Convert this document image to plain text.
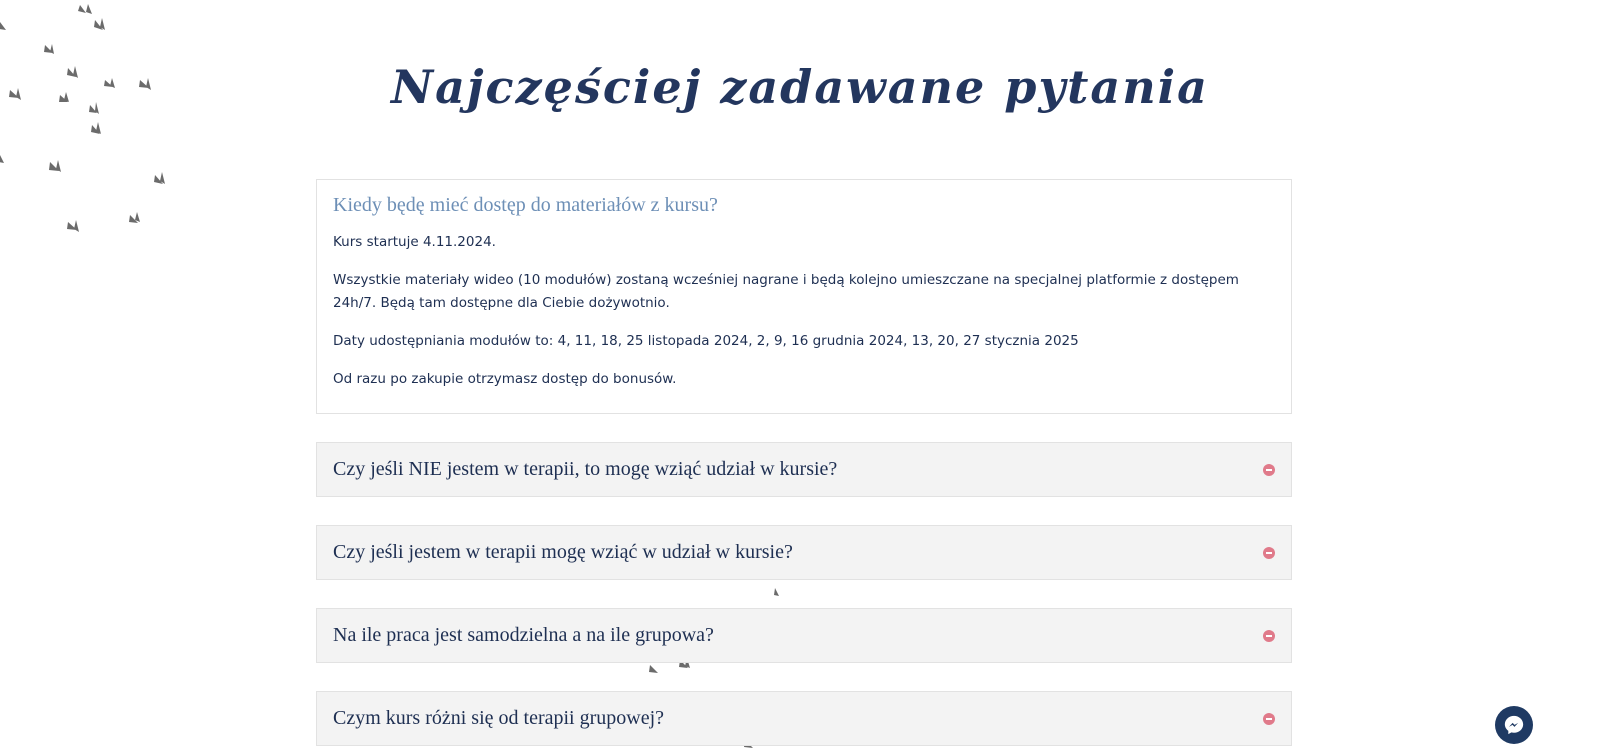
Najczęściej zadawane pytania
Kiedy będę mieć dostęp do materiałów z kursu?

Kurs startuje 4.11.2024.

Wszystkie materiały wideo (10 modułów) zostaną wcześniej nagrane i będą kolejno umieszczane na specjalnej platformie z dostępem 24h/7. Będą tam dostępne dla Ciebie dożywotnio.

Daty udostępniania modułów to: 4, 11, 18, 25 listopada 2024, 2, 9, 16 grudnia 2024, 13, 20, 27 stycznia 2025

Od razu po zakupie otrzymasz dostęp do bonusów.

Czy jeśli NIE jestem w terapii, to mogę wziąć udział w kursie?
Czy jeśli jestem w terapii mogę wziąć w udział w kursie?
Na ile praca jest samodzielna a na ile grupowa?
Czym kurs różni się od terapii grupowej?
